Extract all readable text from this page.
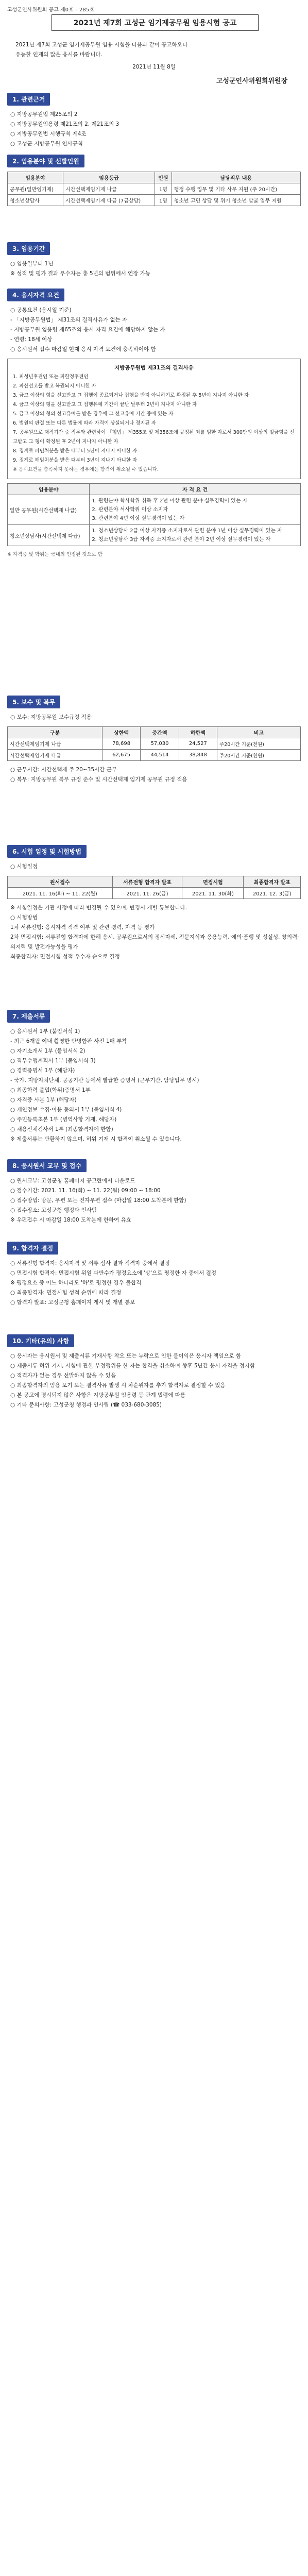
고성군인사위원회 공고 제0호 – 285호
2021년 제7회 고성군 임기제공무원 임용시험 공고

2021년 제7회 고성군 임기제공무원 임용 시험을 다음과 같이 공고하오니

유능한 인재의 많은 응시를 바랍니다.

2021년 11월 8일
고성군인사위원회위원장
1. 관련근거
○ 지방공무원법 제25조의 2
○ 지방공무원임용령 제21조의 2, 제21조의 3
○ 지방공무원법 시행규칙 제4조
○ 고성군 지방공무원 인사규칙
2. 임용분야 및 선발인원
임용분야	임용등급	인원	담당직무 내용
공무원(일반임기제)	시간선택제임기제 나급	1명	행정 수행 업무 및 기타 사무 지원 (주 20시간)
청소년상담사	시간선택제임기제 다급 (7급상당)	1명	청소년 고민 상담 및 위기 청소년 발굴 업무 지원
3. 임용기간
○ 임용일부터 1년
※ 성적 및 평가 결과 우수자는 총 5년의 범위에서 연장 가능
4. 응시자격 요건
○ 공통요건 (응시일 기준)
- 「지방공무원법」 제31조의 결격사유가 없는 자
- 지방공무원 임용령 제65조의 응시 자격 요건에 해당하지 않는 자
- 연령: 18세 이상
○ 응시원서 접수 마감일 현재 응시 자격 요건에 충족하여야 함
지방공무원법 제31조의 결격사유
1. 피성년후견인 또는 피한정후견인
2. 파산선고를 받고 복권되지 아니한 자
3. 금고 이상의 형을 선고받고 그 집행이 종료되거나 집행을 받지 아니하기로 확정된 후 5년이 지나지 아니한 자
4. 금고 이상의 형을 선고받고 그 집행유예 기간이 끝난 날부터 2년이 지나지 아니한 자
5. 금고 이상의 형의 선고유예를 받은 경우에 그 선고유예 기간 중에 있는 자
6. 법원의 판결 또는 다른 법률에 따라 자격이 상실되거나 정지된 자
7. 공무원으로 재직기간 중 직무와 관련하여 「형법」 제355조 및 제356조에 규정된 죄를 범한 자로서 300만원 이상의 벌금형을 선고받고 그 형이 확정된 후 2년이 지나지 아니한 자
8. 징계로 파면처분을 받은 때부터 5년이 지나지 아니한 자
9. 징계로 해임처분을 받은 때부터 3년이 지나지 아니한 자
※ 응시요건을 충족하지 못하는 경우에는 합격이 취소될 수 있습니다.
임용분야	자 격 요 건
일반 공무원(시간선택제 나급)	1. 관련분야 학사학위 취득 후 2년 이상 관련 분야 실무경력이 있는 자
2. 관련분야 석사학위 이상 소지자
3. 관련분야 4년 이상 실무경력이 있는 자
청소년상담사(시간선택제 다급)	1. 청소년상담사 2급 이상 자격증 소지자로서 관련 분야 1년 이상 실무경력이 있는 자
2. 청소년상담사 3급 자격증 소지자로서 관련 분야 2년 이상 실무경력이 있는 자
※ 자격증 및 학위는 국내외 인정된 것으로 함
5. 보수 및 복무
○ 보수: 지방공무원 보수규정 적용
구분	상한액	중간액	하한액	비고
시간선택제임기제 나급	78,698	57,030	24,527	주20시간 기준(천원)
시간선택제임기제 다급	62,675	44,514	38,848	주20시간 기준(천원)
○ 근무시간: 시간선택제 주 20~35시간 근무
○ 복무: 지방공무원 복무 규정 준수 및 시간선택제 임기제 공무원 규정 적용
6. 시험 일정 및 시험방법
○ 시험일정
원서접수	서류전형 합격자 발표	면접시험	최종합격자 발표
2021. 11. 16(화) ~ 11. 22(월)	2021. 11. 26(금)	2021. 11. 30(화)	2021. 12. 3(금)
※ 시험일정은 기관 사정에 따라 변경될 수 있으며, 변경시 개별 통보합니다.
○ 시험방법
1차 서류전형: 응시자격 적격 여부 및 관련 경력, 자격 등 평가
2차 면접시험: 서류전형 합격자에 한해 응시, 공무원으로서의 정신자세, 전문지식과 응용능력, 예의·품행 및 성실성, 창의력·의지력 및 발전가능성을 평가
최종합격자: 면접시험 성적 우수자 순으로 결정
7. 제출서류
○ 응시원서 1부 (붙임서식 1)
- 최근 6개월 이내 촬영한 반명함판 사진 1매 부착
○ 자기소개서 1부 (붙임서식 2)
○ 직무수행계획서 1부 (붙임서식 3)
○ 경력증명서 1부 (해당자)
- 국가, 지방자치단체, 공공기관 등에서 발급한 증명서 (근무기간, 담당업무 명시)
○ 최종학력 졸업(학위)증명서 1부
○ 자격증 사본 1부 (해당자)
○ 개인정보 수집·이용 동의서 1부 (붙임서식 4)
○ 주민등록초본 1부 (병역사항 기재, 해당자)
○ 채용신체검사서 1부 (최종합격자에 한함)
※ 제출서류는 반환하지 않으며, 허위 기재 시 합격이 취소될 수 있습니다.
8. 응시원서 교부 및 접수
○ 원서교부: 고성군청 홈페이지 공고란에서 다운로드
○ 접수기간: 2021. 11. 16(화) ~ 11. 22(월) 09:00 ~ 18:00
○ 접수방법: 방문, 우편 또는 전자우편 접수 (마감일 18:00 도착분에 한함)
○ 접수장소: 고성군청 행정과 인사팀
※ 우편접수 시 마감일 18:00 도착분에 한하여 유효
9. 합격자 결정
○ 서류전형 합격자: 응시자격 및 서류 심사 결과 적격자 중에서 결정
○ 면접시험 합격자: 면접시험 위원 과반수가 평정요소에 '상'으로 평정한 자 중에서 결정
※ 평정요소 중 어느 하나라도 '하'로 평정한 경우 불합격
○ 최종합격자: 면접시험 성적 순위에 따라 결정
○ 합격자 발표: 고성군청 홈페이지 게시 및 개별 통보
10. 기타(유의) 사항
○ 응시자는 응시원서 및 제출서류 기재사항 착오 또는 누락으로 인한 불이익은 응시자 책임으로 함
○ 제출서류 허위 기재, 시험에 관한 부정행위를 한 자는 합격을 취소하며 향후 5년간 응시 자격을 정지함
○ 적격자가 없는 경우 선발하지 않을 수 있음
○ 최종합격자의 임용 포기 또는 결격사유 발생 시 차순위자를 추가 합격자로 결정할 수 있음
○ 본 공고에 명시되지 않은 사항은 지방공무원 임용령 등 관계 법령에 따름
○ 기타 문의사항: 고성군청 행정과 인사팀 (☎ 033-680-3085)
